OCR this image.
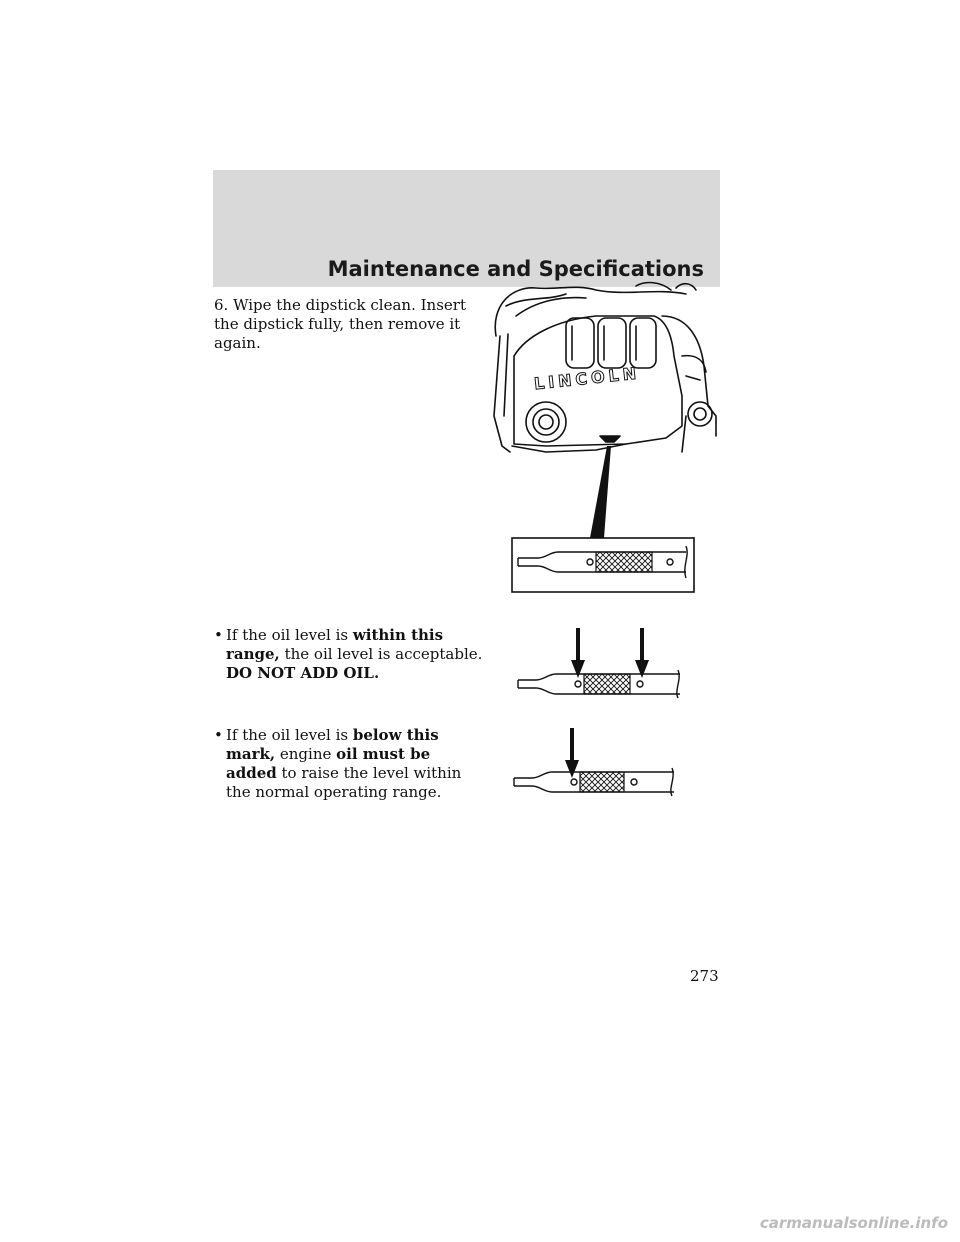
Maintenance and Specifications
6. Wipe the dipstick clean. Insert the dipstick fully, then remove it again.
• If the oil level is within this range, the oil level is acceptable.
DO NOT ADD OIL.
• If the oil level is below this mark, engine oil must be added to raise the level within the normal operating range.
LINCOLN
273
carmanualsonline.info
